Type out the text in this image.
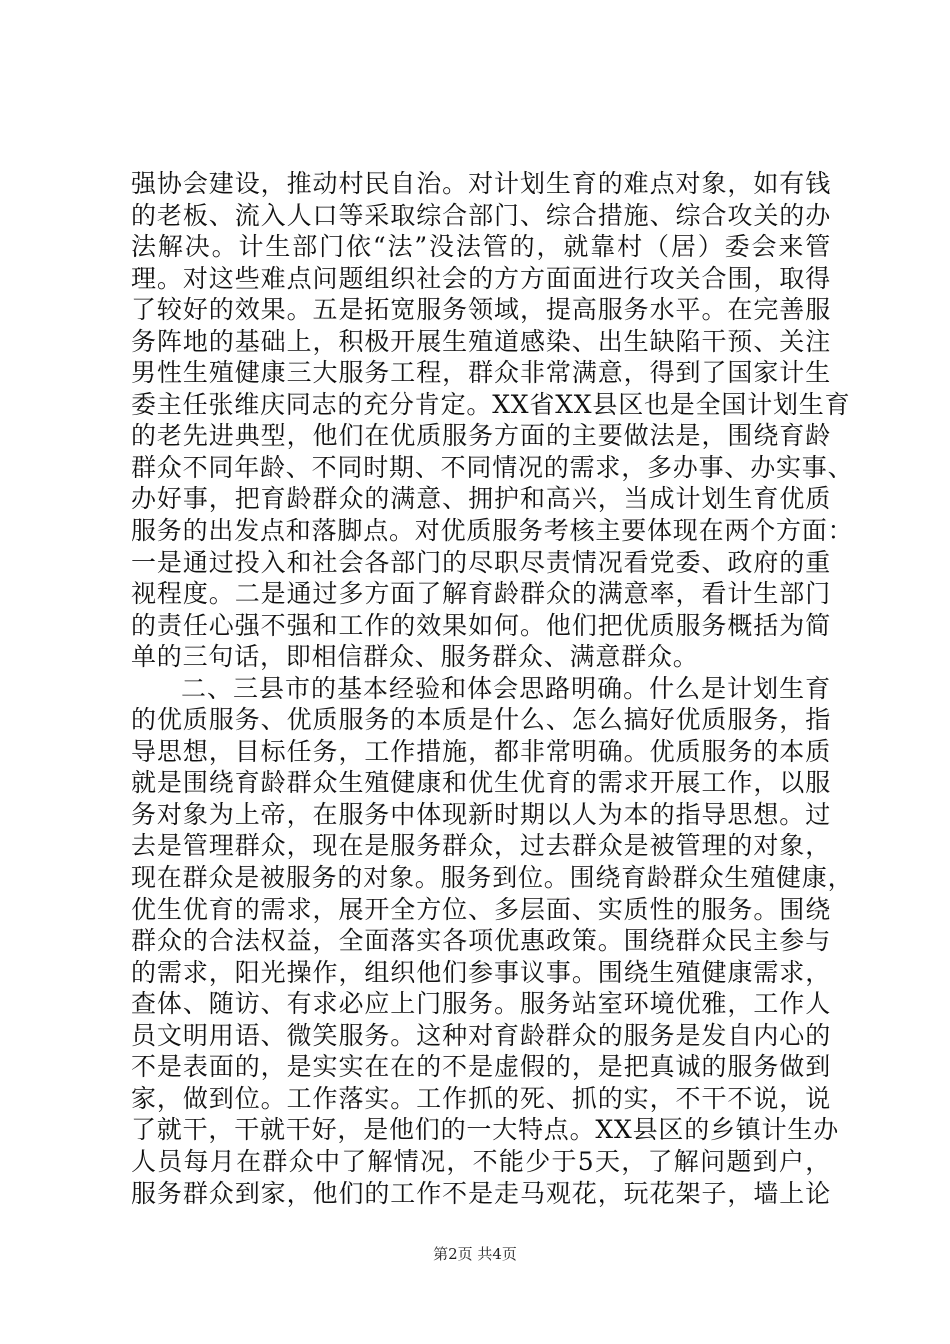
强协会建设，推动村民自治。对计划生育的难点对象，如有钱
的老板、流入人口等采取综合部门、综合措施、综合攻关的办
法解决。计生部门依“法”没法管的，就靠村（居）委会来管
理。对这些难点问题组织社会的方方面面进行攻关合围，取得
了较好的效果。五是拓宽服务领域，提高服务水平。在完善服
务阵地的基础上，积极开展生殖道感染、出生缺陷干预、关注
男性生殖健康三大服务工程，群众非常满意，得到了国家计生
委主任张维庆同志的充分肯定。XX省XX县区也是全国计划生育
的老先进典型，他们在优质服务方面的主要做法是，围绕育龄
群众不同年龄、不同时期、不同情况的需求，多办事、办实事、
办好事，把育龄群众的满意、拥护和高兴，当成计划生育优质
服务的出发点和落脚点。对优质服务考核主要体现在两个方面：
一是通过投入和社会各部门的尽职尽责情况看党委、政府的重
视程度。二是通过多方面了解育龄群众的满意率，看计生部门
的责任心强不强和工作的效果如何。他们把优质服务概括为简
单的三句话，即相信群众、服务群众、满意群众。
二、三县市的基本经验和体会思路明确。什么是计划生育
的优质服务、优质服务的本质是什么、怎么搞好优质服务，指
导思想，目标任务，工作措施，都非常明确。优质服务的本质
就是围绕育龄群众生殖健康和优生优育的需求开展工作，以服
务对象为上帝，在服务中体现新时期以人为本的指导思想。过
去是管理群众，现在是服务群众，过去群众是被管理的对象，
现在群众是被服务的对象。服务到位。围绕育龄群众生殖健康，
优生优育的需求，展开全方位、多层面、实质性的服务。围绕
群众的合法权益，全面落实各项优惠政策。围绕群众民主参与
的需求，阳光操作，组织他们参事议事。围绕生殖健康需求，
查体、随访、有求必应上门服务。服务站室环境优雅，工作人
员文明用语、微笑服务。这种对育龄群众的服务是发自内心的
不是表面的，是实实在在的不是虚假的，是把真诚的服务做到
家，做到位。工作落实。工作抓的死、抓的实，不干不说，说
了就干，干就干好，是他们的一大特点。XX县区的乡镇计生办
人员每月在群众中了解情况，不能少于5天，了解问题到户，
服务群众到家，他们的工作不是走马观花，玩花架子，墙上论
第2页 共4页
